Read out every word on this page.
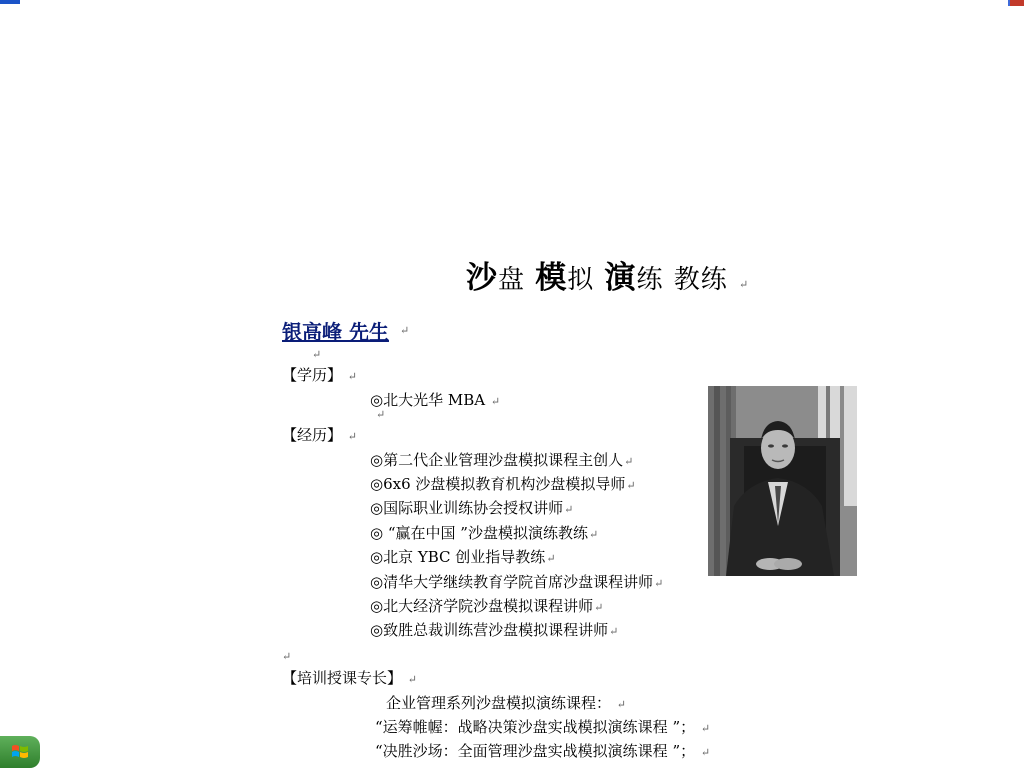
沙盘 模拟 演练 教练 ↵
银高峰 先生 ↵
↵
【学历】 ↵
◎北大光华 MBA ↵
↵
【经历】 ↵
◎第二代企业管理沙盘模拟课程主创人↵
◎6x6 沙盘模拟教育机构沙盘模拟导师↵
◎国际职业训练协会授权讲师↵
◎ “赢在中国 ”沙盘模拟演练教练↵
◎北京 YBC 创业指导教练↵
◎清华大学继续教育学院首席沙盘课程讲师↵
◎北大经济学院沙盘模拟课程讲师↵
◎致胜总裁训练营沙盘模拟课程讲师↵
↵
【培训授课专长】 ↵
企业管理系列沙盘模拟演练课程： ↵
“运筹帷幄：战略决策沙盘实战模拟演练课程 ”； ↵
“决胜沙场：全面管理沙盘实战模拟演练课程 ”； ↵
